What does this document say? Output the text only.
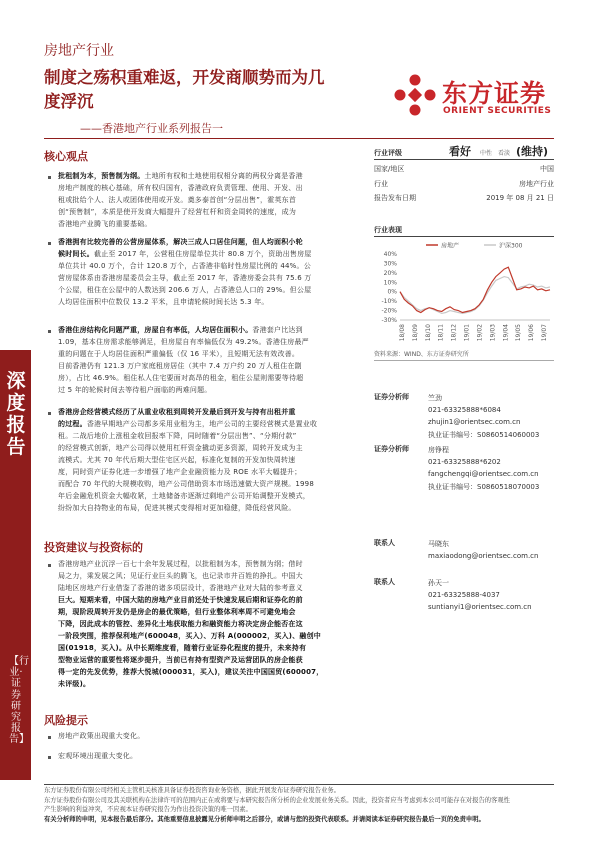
深度报告
【行业·证券研究报告】
房地产行业
制度之殇积重难返，开发商顺势而为几
度浮沉
——香港地产行业系列报告一
东方证券
ORIENT SECURITIES
核心观点
批租制为本，预售制为纲。土地所有权和土地使用权相分离的两权分离是香港
房地产制度的核心基础，所有权归国有，香港政府负责管理、使用、开发、出
租或批给个人、法人或团体使用或开发。奠多泰首创“分层出售”，霍英东首
创“预售制”，本质是使开发商大幅提升了经营杠杆和资金周转的速度，成为
香港地产业腾飞的重要基础。
香港拥有比较完善的公营房屋体系，解决三成人口居住问题，但人均面积小轮
候时间长。截止至 2017 年，公营租住房屋单位共计 80.8 万个，资助出售房屋
单位共计 40.0 万个，合计 120.8 万个，占香港非临时性房屋比例的 44%。公
营房屋体系由香港房屋委员会主导，截止至 2017 年，香港房委会共有 75.6 万
个公屋，租住在公屋中的人数达到 206.6 万人，占香港总人口的 29%。但公屋
人均居住面积中位数仅 13.2 平米，且申请轮候时间长达 5.3 年。
香港住房结构化问题严重，房屋自有率低，人均居住面积小。香港套户比达到
1.09，基本住房需求能够满足，但房屋自有率偏低仅为 49.2%。香港住房最严
重的问题在于人均居住面积严重偏低（仅 16 平米），且短期无法有效改善。
目前香港仍有 121.3 万户家庭租房居住（其中 7.4 万户约 20 万人租住在劏
房），占比 46.9%。租住私人住宅要面对高昂的租金，租住公屋则需要等待超
过 5 年的轮候时间去等待租户面临的两难问题。
香港房企经营模式经历了从重业收租到周转开发最后到开发与持有出租并重
的过程。香港早期地产公司都多采用业租为主，地产公司的主要经营模式是置业收
租。二战后地价上涨租金收回报率下降，同时随着“分层出售”、“分期付款”
的经营模式创新，地产公司得以使用杠杆资金撬动更多资源，周转开发成为主
流模式。尤其 70 年代后期大型住宅区兴起，标准化复制的开发加快周转速
度，同时资产证券化进一步增强了地产企业融资能力及 ROE 水平大幅提升；
而配合 70 年代的大规模收购，地产公司借助资本市场迅速做大资产规模。1998
年后金融危机资金大幅收紧，土地储备亦逐渐过剩地产公司开始调整开发模式，
纷纷加大自持物业的布局，促进其模式变得相对更加稳健，降低经营风险。
投资建议与投资标的
香港房地产业沉浮一百七十余年发展过程，以批租制为本，预售制为纲；借时
局之力，乘发展之风；见证行业巨头的腾飞，也记录市井百姓的挣扎。中国大
陆地区房地产行业借鉴了香港的诸多项层设计，香港地产业对大陆的参考意义
巨大。短期来看，中国大陆的房地产业目前还处于快速发展后期和证券化的前
期，现阶段周转开发仍是房企的最优策略，但行业整体利率周不可避免地会
下降，因此成本的管控、差异化土地获取能力和融资能力将决定房企能否在这
一阶段突围，推荐保利地产(600048，买入）、万科 A(000002，买入)、融创中
国(01918，买入)。从中长期维度看，随着行业证券化程度的提升，未来持有
型物业运营的重要性将逐步提升，当前已有持有型资产及运营团队的房企能获
得一定的先发优势，推荐大悦城(000031，买入)，建议关注中国国贸(600007，
未评级)。
风险提示
房地产政策出现重大变化。
宏观环境出现重大变化。
行业评级	看好 中性 看淡 (维持)
国家/地区	中国
行业	房地产行业
报告发布日期	2019 年 08 月 21 日
行业表现
房地产	沪深300
40%
30%
20%
10%
0%
-10%
-20%
-30%
18/08 18/09 18/10 18/11 18/12 19/01 19/02 19/03 19/04 19/05 19/06 19/07
资料来源：WIND、东方证券研究所
证券分析师	竺劲
021-63325888*6084
zhujin1@orientsec.com.cn
执业证书编号：S0860514060003
证券分析师	房铮程
021-63325888*6202
fangchengqi@orientsec.com.cn
执业证书编号：S0860518070003
联系人	马晓东
maxiaodong@orientsec.com.cn
联系人	孙天一
021-63325888-4037
suntianyi1@orientsec.com.cn
东方证券股份有限公司经相关主管机关核准具备证券投资咨询业务资格，据此开展发布证券研究报告业务。
东方证券股份有限公司及其关联机构在法律许可的范围内正在或将要与本研究报告所分析的企业发展业务关系。因此，投资者应当考虑到本公司可能存在对报告的客观性
产生影响的利益冲突，不应视本证券研究报告为作出投资决策的唯一因素。
有关分析师的申明，见本报告最后部分。其他重要信息披露见分析师申明之后部分，或请与您的投资代表联系。并请阅读本证券研究报告最后一页的免责申明。
